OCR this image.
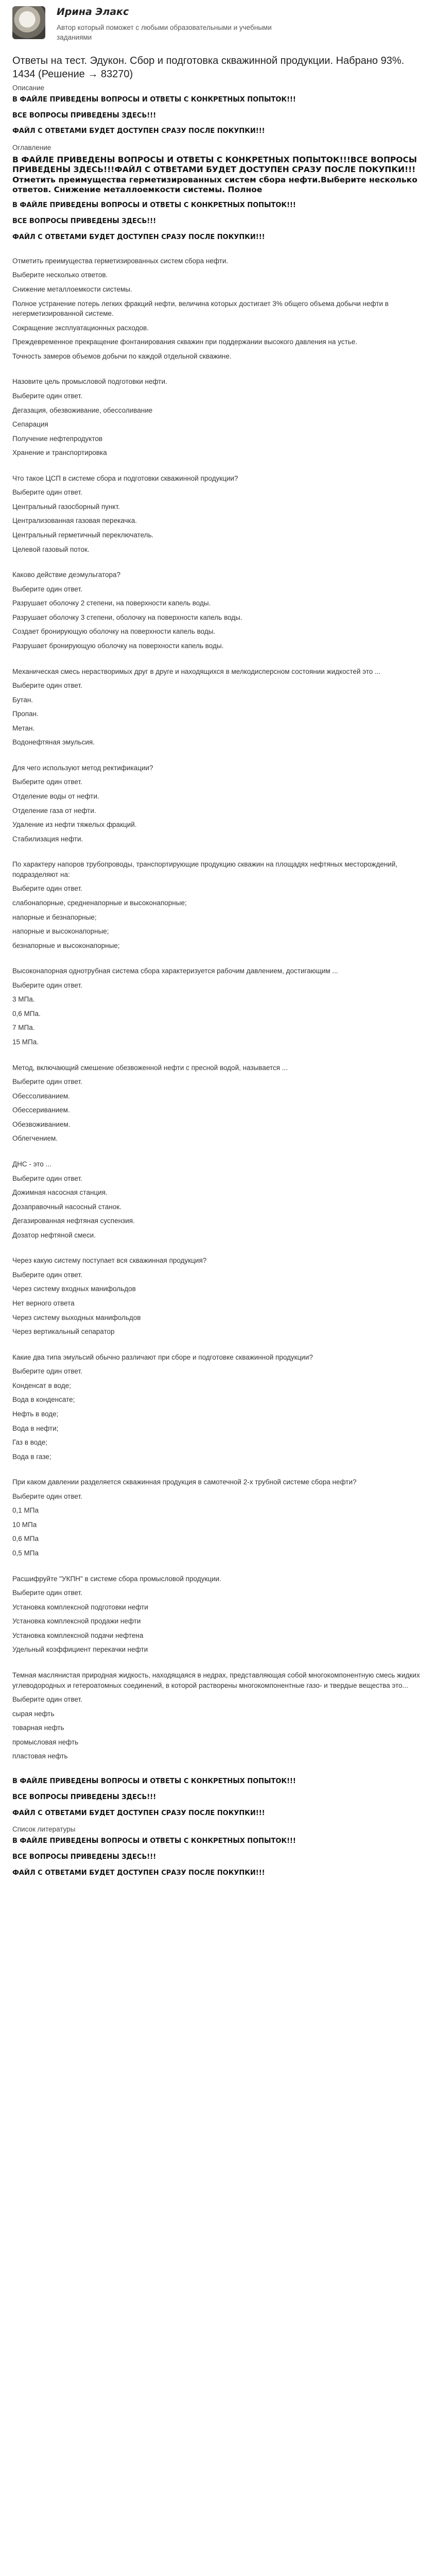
Ирина Элакс
Автор который поможет с любыми образовательными и учебными заданиями
Ответы на тест. Эдукон. Сбор и подготовка скважинной продукции. Набрано 93%. 1434 (Решение → 83270)
Описание
В ФАЙЛЕ ПРИВЕДЕНЫ ВОПРОСЫ И ОТВЕТЫ С КОНКРЕТНЫХ ПОПЫТОК!!!
ВСЕ ВОПРОСЫ ПРИВЕДЕНЫ ЗДЕСЬ!!!
ФАЙЛ С ОТВЕТАМИ БУДЕТ ДОСТУПЕН СРАЗУ ПОСЛЕ ПОКУПКИ!!!
Оглавление
В ФАЙЛЕ ПРИВЕДЕНЫ ВОПРОСЫ И ОТВЕТЫ С КОНКРЕТНЫХ ПОПЫТОК!!!ВСЕ ВОПРОСЫ ПРИВЕДЕНЫ ЗДЕСЬ!!!ФАЙЛ С ОТВЕТАМИ БУДЕТ ДОСТУПЕН СРАЗУ ПОСЛЕ ПОКУПКИ!!!Отметить преимущества герметизированных систем сбора нефти.Выберите несколько ответов. Снижение металлоемкости системы. Полное
В ФАЙЛЕ ПРИВЕДЕНЫ ВОПРОСЫ И ОТВЕТЫ С КОНКРЕТНЫХ ПОПЫТОК!!!
ВСЕ ВОПРОСЫ ПРИВЕДЕНЫ ЗДЕСЬ!!!
ФАЙЛ С ОТВЕТАМИ БУДЕТ ДОСТУПЕН СРАЗУ ПОСЛЕ ПОКУПКИ!!!
Отметить преимущества герметизированных систем сбора нефти.
Выберите несколько ответов.
Снижение металлоемкости системы.
Полное устранение потерь легких фракций нефти, величина которых достигает 3% общего объема добычи нефти в негерметизированной системе.
Сокращение эксплуатационных расходов.
Преждевременное прекращение фонтанирования скважин при поддержании высокого давления на устье.
Точность замеров объемов добычи по каждой отдельной скважине.
Назовите цель промысловой подготовки нефти.
Выберите один ответ.
Дегазация, обезвоживание, обессоливание
Сепарация
Получение нефтепродуктов
Хранение и транспортировка
Что такое ЦСП в системе сбора и подготовки скважинной продукции?
Выберите один ответ.
Центральный газосборный пункт.
Централизованная газовая перекачка.
Центральный герметичный переключатель.
Целевой газовый поток.
Каково действие деэмульгатора?
Выберите один ответ.
Разрушает оболочку 2 степени, на поверхности капель воды.
Разрушает оболочку 3 степени, оболочку на поверхности капель воды.
Создает бронирующую оболочку на поверхности капель воды.
Разрушает бронирующую оболочку на поверхности капель воды.
Механическая смесь нерастворимых друг в друге и находящихся в мелкодисперсном состоянии жидкостей это ...
Выберите один ответ.
Бутан.
Пропан.
Метан.
Водонефтяная эмульсия.
Для чего используют метод ректификации?
Выберите один ответ.
Отделение воды от нефти.
Отделение газа от нефти.
Удаление из нефти тяжелых фракций.
Стабилизация нефти.
По характеру напоров трубопроводы, транспортирующие продукцию скважин на площадях нефтяных месторождений, подразделяют на:
Выберите один ответ.
слабонапорные, средненапорные и высоконапорные;
напорные и безнапорные;
напорные и высоконапорные;
безнапорные и высоконапорные;
Высоконапорная однотрубная система сбора характеризуется рабочим давлением, достигающим ...
Выберите один ответ.
3 МПа.
0,6 МПа.
7 МПа.
15 МПа.
Метод, включающий смешение обезвоженной нефти с пресной водой, называется ...
Выберите один ответ.
Обессоливанием.
Обессериванием.
Обезвоживанием.
Облегчением.
ДНС - это ...
Выберите один ответ.
Дожимная насосная станция.
Дозаправочный насосный станок.
Дегазированная нефтяная суспензия.
Дозатор нефтяной смеси.
Через какую систему поступает вся скважинная продукция?
Выберите один ответ.
Через систему входных манифольдов
Нет верного ответа
Через систему выходных манифольдов
Через вертикальный сепаратор
Какие два типа эмульсий обычно различают при сборе и подготовке скважинной продукции?
Выберите один ответ.
Конденсат в воде;
Вода в конденсате;
Нефть в воде;
Вода в нефти;
Газ в воде;
Вода в газе;
При каком давлении разделяется скважинная продукция в самотечной 2-х трубной системе сбора нефти?
Выберите один ответ.
0,1 МПа
10 МПа
0,6 МПа
0,5 МПа
Расшифруйте "УКПН" в системе сбора промысловой продукции.
Выберите один ответ.
Установка комплексной подготовки нефти
Установка комплексной продажи нефти
Установка комплексной подачи нефтена
Удельный коэффициент перекачки нефти
Темная маслянистая природная жидкость, находящаяся в недрах, представляющая собой многокомпонентную смесь жидких углеводородных и гетероатомных соединений, в которой растворены многокомпонентные газо- и твердые вещества это...
Выберите один ответ.
сырая нефть
товарная нефть
промысловая нефть
пластовая нефть
В ФАЙЛЕ ПРИВЕДЕНЫ ВОПРОСЫ И ОТВЕТЫ С КОНКРЕТНЫХ ПОПЫТОК!!!
ВСЕ ВОПРОСЫ ПРИВЕДЕНЫ ЗДЕСЬ!!!
ФАЙЛ С ОТВЕТАМИ БУДЕТ ДОСТУПЕН СРАЗУ ПОСЛЕ ПОКУПКИ!!!
Список литературы
В ФАЙЛЕ ПРИВЕДЕНЫ ВОПРОСЫ И ОТВЕТЫ С КОНКРЕТНЫХ ПОПЫТОК!!!
ВСЕ ВОПРОСЫ ПРИВЕДЕНЫ ЗДЕСЬ!!!
ФАЙЛ С ОТВЕТАМИ БУДЕТ ДОСТУПЕН СРАЗУ ПОСЛЕ ПОКУПКИ!!!
